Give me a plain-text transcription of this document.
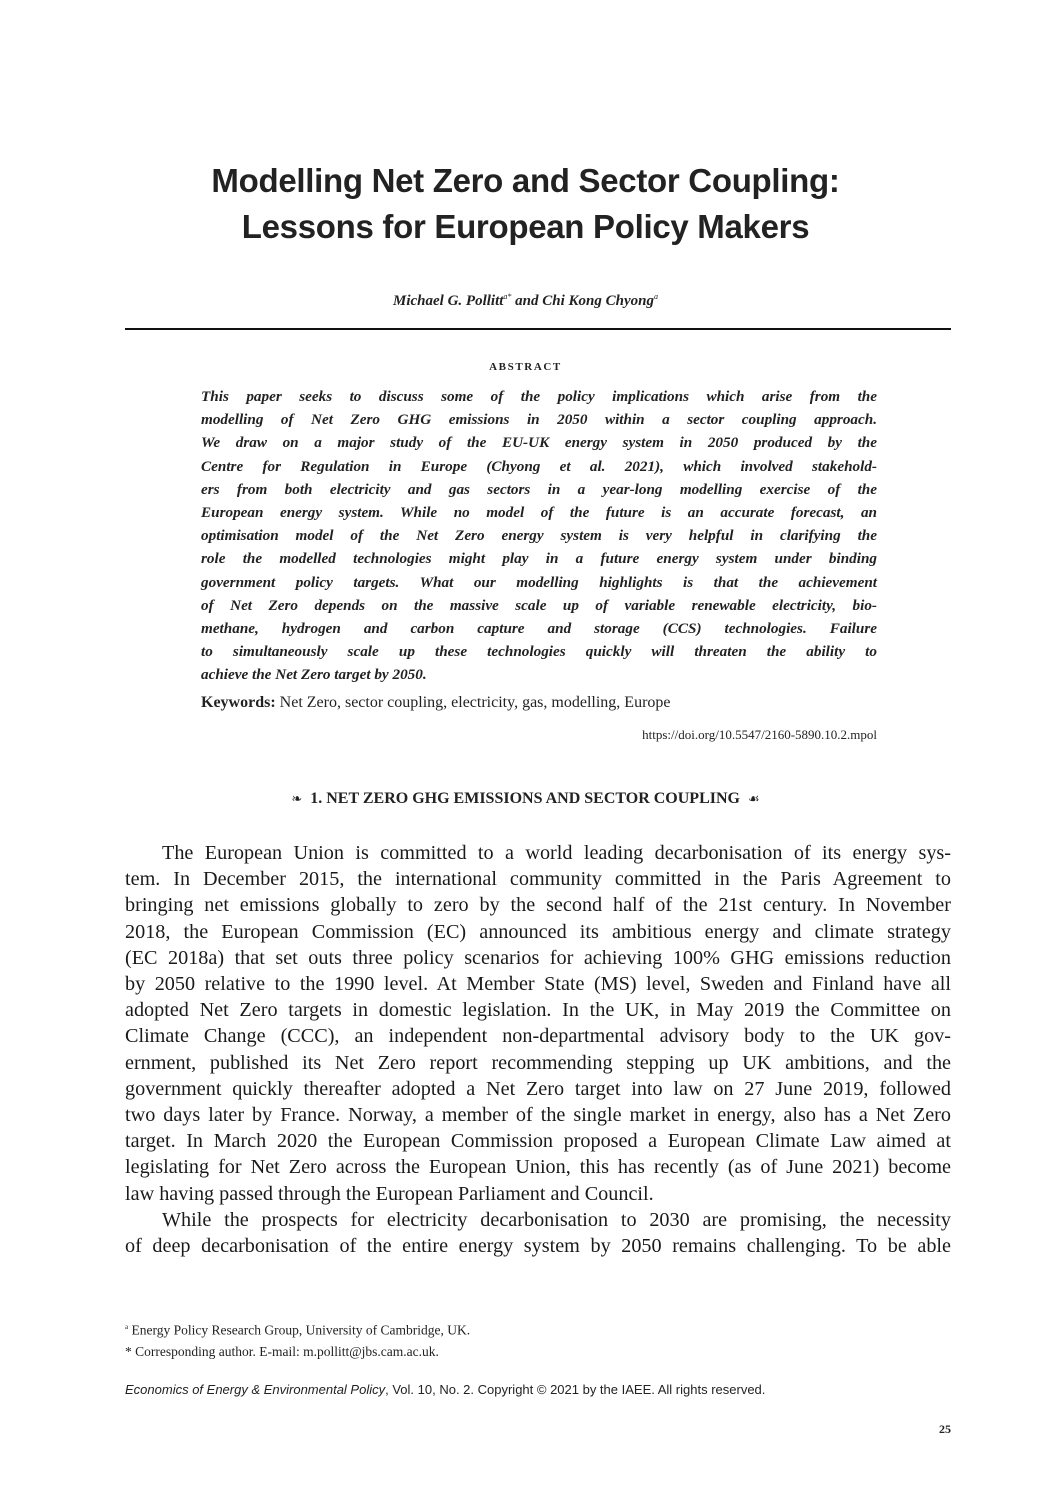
Modelling Net Zero and Sector Coupling:
Lessons for European Policy Makers
Michael G. Pollitt$^{a*}$ and Chi Kong Chyong$^a$
ABSTRACT
This paper seeks to discuss some of the policy implications which arise from the
modelling of Net Zero GHG emissions in 2050 within a sector coupling approach.
We draw on a major study of the EU-UK energy system in 2050 produced by the
Centre for Regulation in Europe (Chyong et al. 2021), which involved stakehold-
ers from both electricity and gas sectors in a year-long modelling exercise of the
European energy system. While no model of the future is an accurate forecast, an
optimisation model of the Net Zero energy system is very helpful in clarifying the
role the modelled technologies might play in a future energy system under binding
government policy targets. What our modelling highlights is that the achievement
of Net Zero depends on the massive scale up of variable renewable electricity, bio-
methane, hydrogen and carbon capture and storage (CCS) technologies. Failure
to simultaneously scale up these technologies quickly will threaten the ability to
achieve the Net Zero target by 2050.
Keywords: Net Zero, sector coupling, electricity, gas, modelling, Europe
https://doi.org/10.5547/2160-5890.10.2.mpol
❧ 1. NET ZERO GHG EMISSIONS AND SECTOR COUPLING ☙
The European Union is committed to a world leading decarbonisation of its energy sys-
tem. In December 2015, the international community committed in the Paris Agreement to
bringing net emissions globally to zero by the second half of the 21st century. In November
2018, the European Commission (EC) announced its ambitious energy and climate strategy
(EC 2018a) that set outs three policy scenarios for achieving 100% GHG emissions reduction
by 2050 relative to the 1990 level. At Member State (MS) level, Sweden and Finland have all
adopted Net Zero targets in domestic legislation. In the UK, in May 2019 the Committee on
Climate Change (CCC), an independent non-departmental advisory body to the UK gov-
ernment, published its Net Zero report recommending stepping up UK ambitions, and the
government quickly thereafter adopted a Net Zero target into law on 27 June 2019, followed
two days later by France. Norway, a member of the single market in energy, also has a Net Zero
target. In March 2020 the European Commission proposed a European Climate Law aimed at
legislating for Net Zero across the European Union, this has recently (as of June 2021) become
law having passed through the European Parliament and Council.
While the prospects for electricity decarbonisation to 2030 are promising, the necessity
of deep decarbonisation of the entire energy system by 2050 remains challenging. To be able
$^a$ Energy Policy Research Group, University of Cambridge, UK.
* Corresponding author. E-mail: m.pollitt@jbs.cam.ac.uk.
Economics of Energy & Environmental Policy, Vol. 10, No. 2. Copyright © 2021 by the IAEE. All rights reserved.
25
